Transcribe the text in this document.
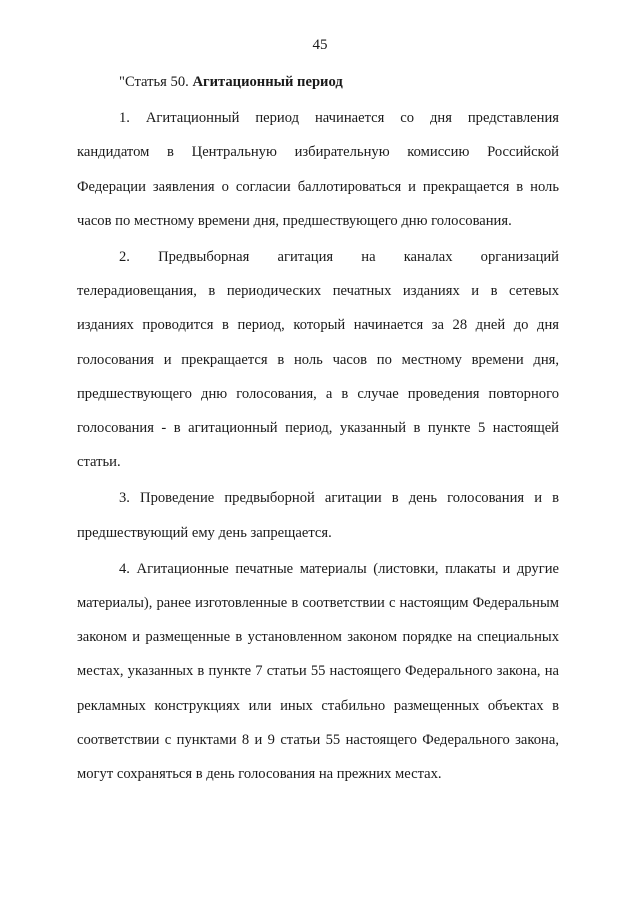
45

"Статья 50. Агитационный период

1. Агитационный период начинается со дня представления кандидатом в Центральную избирательную комиссию Российской Федерации заявления о согласии баллотироваться и прекращается в ноль часов по местному времени дня, предшествующего дню голосования.

2. Предвыборная агитация на каналах организаций телерадиовещания, в периодических печатных изданиях и в сетевых изданиях проводится в период, который начинается за 28 дней до дня голосования и прекращается в ноль часов по местному времени дня, предшествующего дню голосования, а в случае проведения повторного голосования - в агитационный период, указанный в пункте 5 настоящей статьи.

3. Проведение предвыборной агитации в день голосования и в предшествующий ему день запрещается.

4. Агитационные печатные материалы (листовки, плакаты и другие материалы), ранее изготовленные в соответствии с настоящим Федеральным законом и размещенные в установленном законом порядке на специальных местах, указанных в пункте 7 статьи 55 настоящего Федерального закона, на рекламных конструкциях или иных стабильно размещенных объектах в соответствии с пунктами 8 и 9 статьи 55 настоящего Федерального закона, могут сохраняться в день голосования на прежних местах.
